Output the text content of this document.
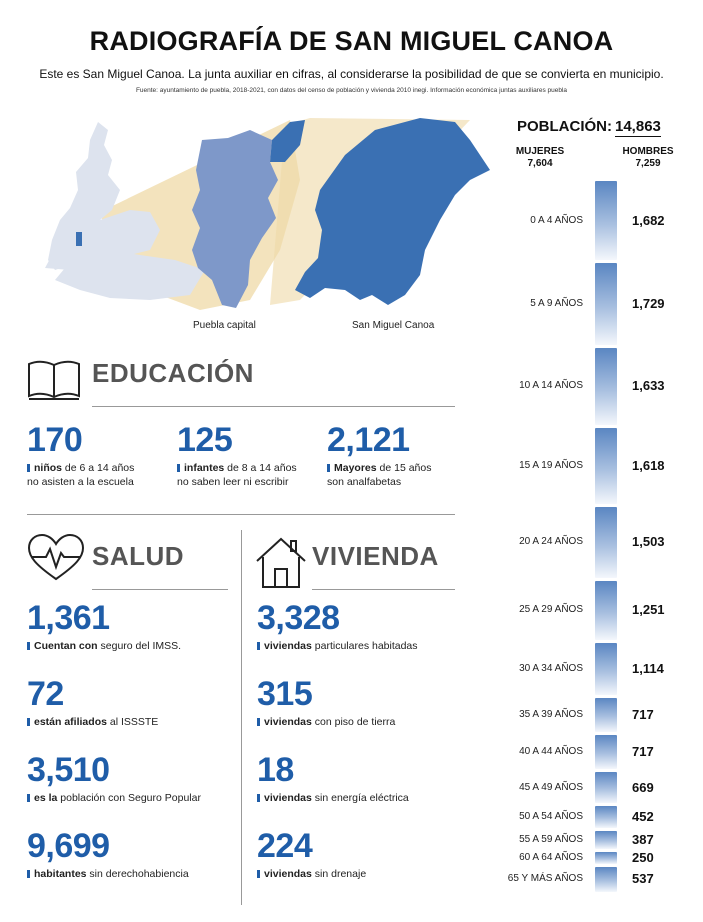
RADIOGRAFÍA DE SAN MIGUEL CANOA
Este es San Miguel Canoa. La junta auxiliar en cifras, al considerarse la posibilidad de que se convierta en municipio.
Fuente: ayuntamiento de puebla, 2018-2021, con datos del censo de población y vivienda 2010 inegi. Información económica juntas auxiliares puebla
Puebla capital	San Miguel Canoa
EDUCACIÓN
170
niños de 6 a 14 años
no asisten a la escuela
125
infantes de 8 a 14 años
no saben leer ni escribir
2,121
Mayores de 15 años
son analfabetas
SALUD
1,361
Cuentan con seguro del IMSS.
72
están afiliados al ISSSTE
3,510
es la población con Seguro Popular
9,699
habitantes sin derechohabiencia
VIVIENDA
3,328
viviendas particulares habitadas
315
viviendas con piso de tierra
18
viviendas sin energía eléctrica
224
viviendas sin drenaje
POBLACIÓN: 14,863
MUJERES
7,604
HOMBRES
7,259
0 A 4 AÑOS	1,682
5 A 9 AÑOS	1,729
10 A 14 AÑOS	1,633
15 A 19 AÑOS	1,618
20 A 24 AÑOS	1,503
25 A 29 AÑOS	1,251
30 A 34 AÑOS	1,114
35 A 39 AÑOS	717
40 A 44 AÑOS	717
45 A 49 AÑOS	669
50 A 54 AÑOS	452
55 A 59 AÑOS	387
60 A 64 AÑOS	250
65 Y MÁS AÑOS	537
